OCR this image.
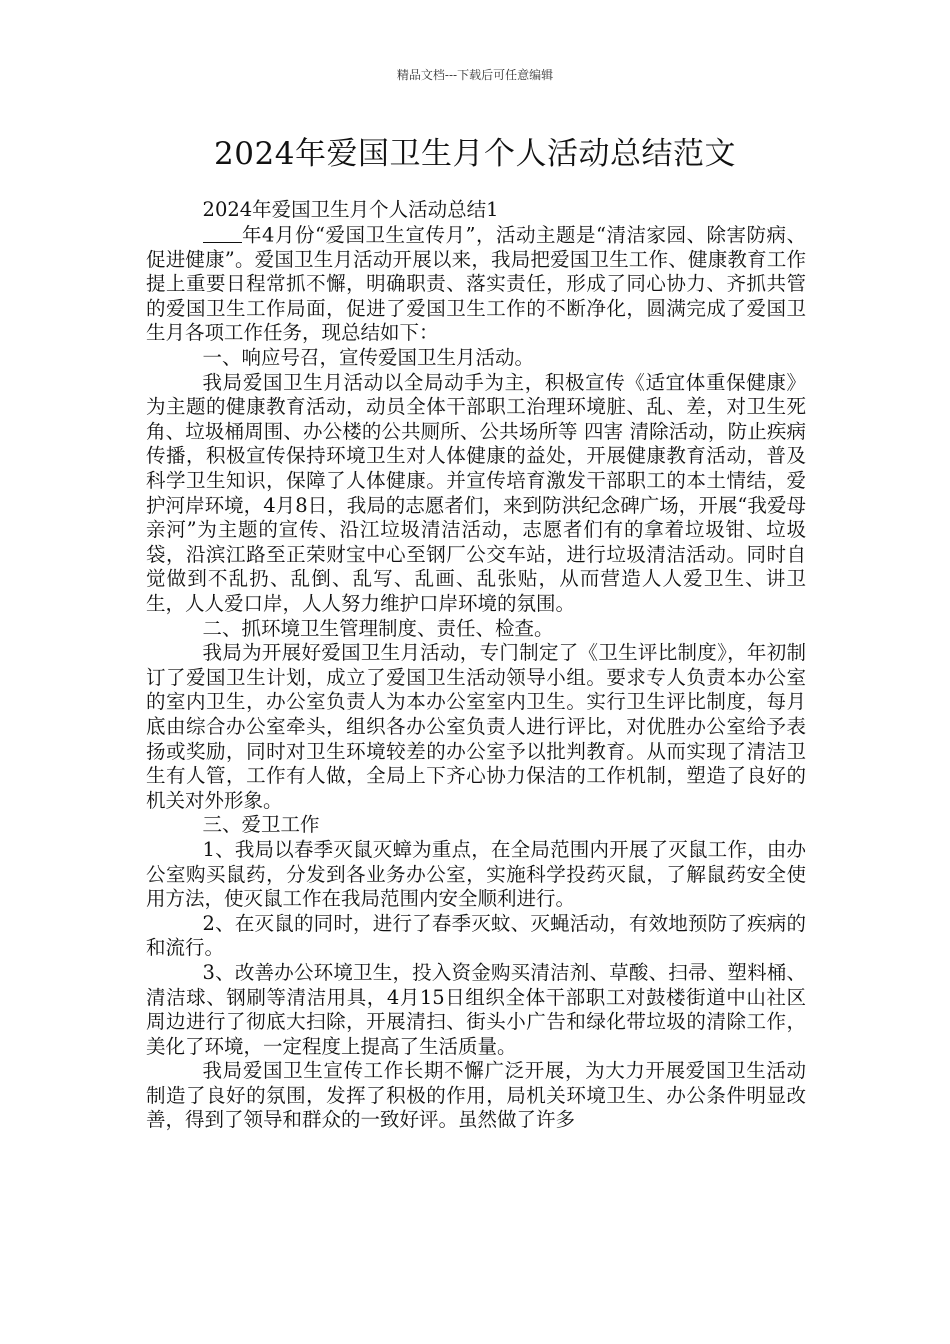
精品文档---下载后可任意编辑
2024年爱国卫生月个人活动总结范文

2024年爱国卫生月个人活动总结1

年4月份“爱国卫生宣传月”，活动主题是“清洁家园、除害防病、促进健康”。爱国卫生月活动开展以来，我局把爱国卫生工作、健康教育工作提上重要日程常抓不懈，明确职责、落实责任，形成了同心协力、齐抓共管的爱国卫生工作局面，促进了爱国卫生工作的不断净化，圆满完成了爱国卫生月各项工作任务，现总结如下：

一、响应号召，宣传爱国卫生月活动。

我局爱国卫生月活动以全局动手为主，积极宣传《适宜体重保健康》为主题的健康教育活动，动员全体干部职工治理环境脏、乱、差，对卫生死角、垃圾桶周围、办公楼的公共厕所、公共场所等 四害 清除活动，防止疾病传播，积极宣传保持环境卫生对人体健康的益处，开展健康教育活动，普及科学卫生知识，保障了人体健康。并宣传培育激发干部职工的本土情结，爱护河岸环境，4月8日，我局的志愿者们，来到防洪纪念碑广场，开展“我爱母亲河”为主题的宣传、沿江垃圾清洁活动，志愿者们有的拿着垃圾钳、垃圾袋，沿滨江路至正荣财宝中心至钢厂公交车站，进行垃圾清洁活动。同时自觉做到不乱扔、乱倒、乱写、乱画、乱张贴，从而营造人人爱卫生、讲卫生，人人爱口岸，人人努力维护口岸环境的氛围。

二、抓环境卫生管理制度、责任、检查。

我局为开展好爱国卫生月活动，专门制定了《卫生评比制度》，年初制订了爱国卫生计划，成立了爱国卫生活动领导小组。要求专人负责本办公室的室内卫生，办公室负责人为本办公室室内卫生。实行卫生评比制度，每月底由综合办公室牵头，组织各办公室负责人进行评比，对优胜办公室给予表扬或奖励，同时对卫生环境较差的办公室予以批判教育。从而实现了清洁卫生有人管，工作有人做，全局上下齐心协力保洁的工作机制，塑造了良好的机关对外形象。

三、爱卫工作

1、我局以春季灭鼠灭蟑为重点，在全局范围内开展了灭鼠工作，由办公室购买鼠药，分发到各业务办公室，实施科学投药灭鼠，了解鼠药安全使用方法，使灭鼠工作在我局范围内安全顺利进行。

2、在灭鼠的同时，进行了春季灭蚊、灭蝇活动，有效地预防了疾病的和流行。

3、改善办公环境卫生，投入资金购买清洁剂、草酸、扫帚、塑料桶、清洁球、钢刷等清洁用具，4月15日组织全体干部职工对鼓楼街道中山社区周边进行了彻底大扫除，开展清扫、街头小广告和绿化带垃圾的清除工作，美化了环境，一定程度上提高了生活质量。

我局爱国卫生宣传工作长期不懈广泛开展，为大力开展爱国卫生活动制造了良好的氛围，发挥了积极的作用，局机关环境卫生、办公条件明显改善，得到了领导和群众的一致好评。虽然做了许多
